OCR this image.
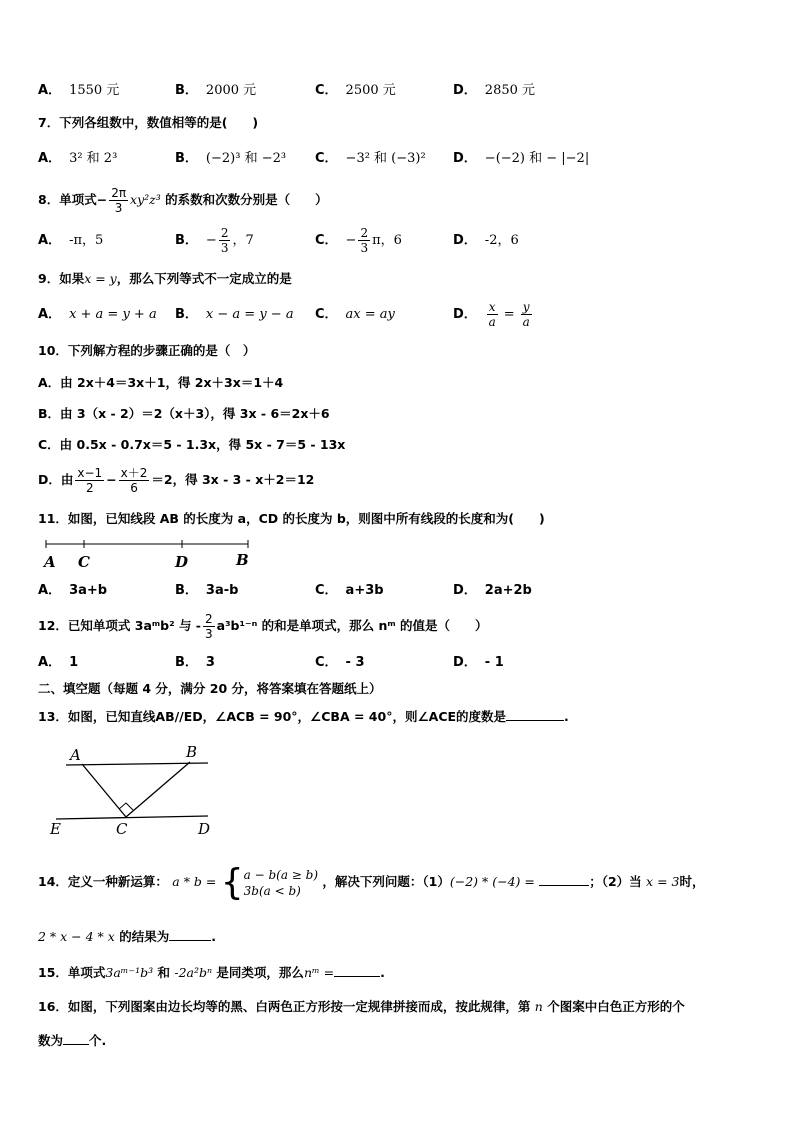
A． 1550 元	B． 2000 元	C． 2500 元	D． 2850 元
7．下列各组数中，数值相等的是(　　)
A． 3² 和 2³	B． (−2)³ 和 −2³ C． −3² 和 (−3)² D． −(−2) 和 − |−2|
8．单项式− $\frac{2\pi}{3} xy^2z^3$ 的系数和次数分别是（　　）
A． -π，5	B． − $\frac{2}{3}$ ，7	C． − $\frac{2}{3}$ π，6	D． -2，6
9．如果x = y，那么下列等式不一定成立的是
A． x + a = y + a B． x − a = y − a C． ax = ay	D． $\frac{x}{a} = \frac{y}{a}$
10．下列解方程的步骤正确的是（　）
A．由 2x＋4＝3x＋1，得 2x＋3x＝1＋4
B．由 3（x - 2）＝2（x＋3），得 3x - 6＝2x＋6
C．由 0.5x - 0.7x＝5 - 1.3x，得 5x - 7＝5 - 13x
D．由 $\frac{x-1}{2} - \frac{x+2}{6} =2$，得 3x - 3 - x＋2＝12
11．如图，已知线段 AB 的长度为 a，CD 的长度为 b，则图中所有线段的长度和为(　　)
A C	D	B
A． 3a+b	B． 3a-b	C． a+3b	D． 2a+2b
12．已知单项式 3aᵐb² 与 - $\frac{2}{3} a^3b^{1-n}$ 的和是单项式，那么 nᵐ 的值是（　　）
A． 1	B． 3	C． - 3	D． - 1
二、填空题（每题 4 分，满分 20 分，将答案填在答题纸上）
13．如图，已知直线AB//ED，∠ACB = 90°，∠CBA = 40°，则∠ACE的度数是	.
A	B
E	C	D
14．定义一种新运算： a * b = { a − b(a ≥ b)
3b(a < b)
，解决下列问题：（1）(−2) * (−4) =	；（2）当 x = 3时，
2 * x − 4 * x 的结果为	.
15．单项式3aᵐ⁻¹b³ 和 -2a²bⁿ 是同类项，那么nᵐ =	.
16．如图，下列图案由边长均等的黑、白两色正方形按一定规律拼接而成，按此规律，第 n 个图案中白色正方形的个
数为 个.
